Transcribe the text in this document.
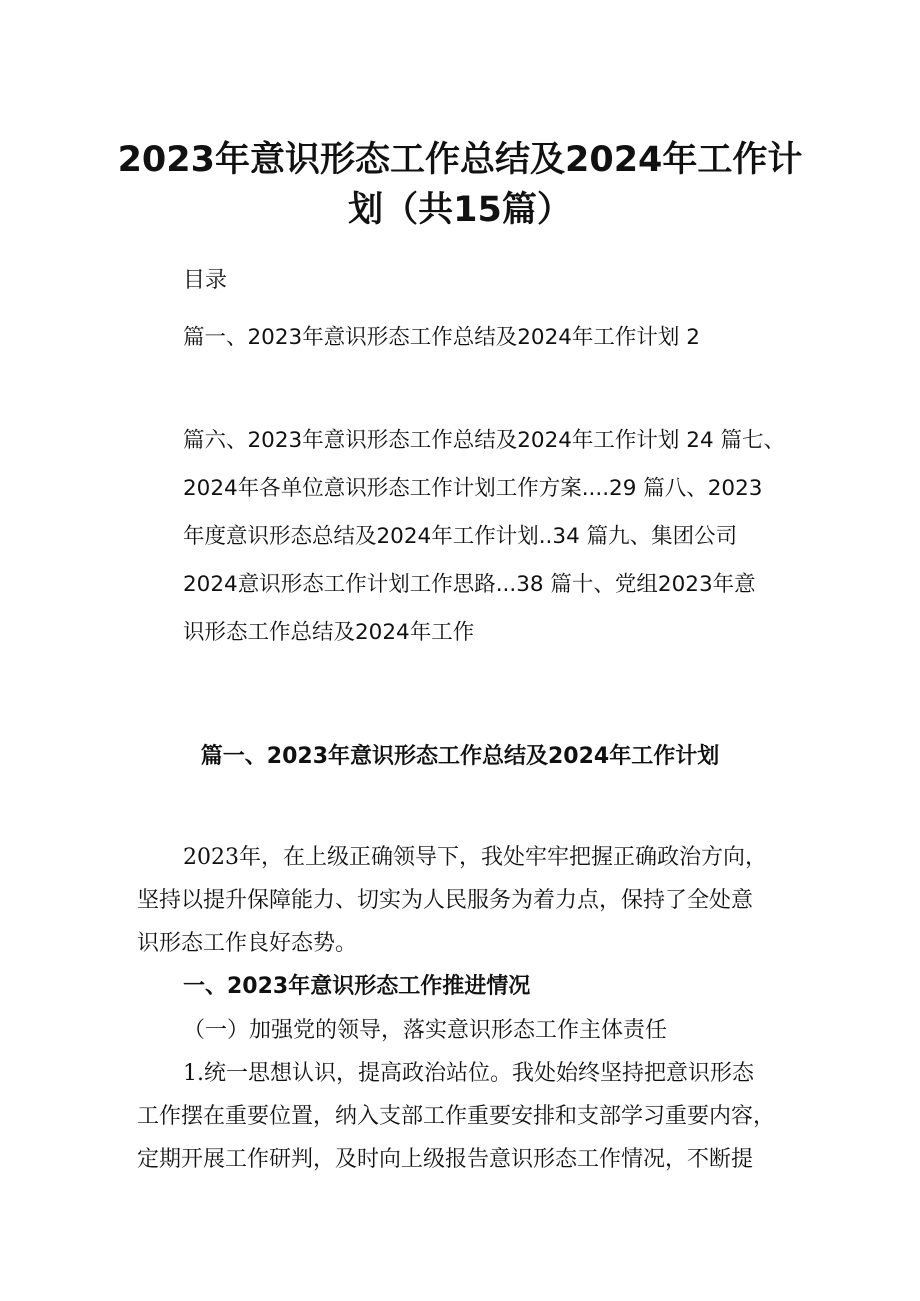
2023年意识形态工作总结及2024年工作计
划（共15篇）
目录
篇一、2023年意识形态工作总结及2024年工作计划 2
篇六、2023年意识形态工作总结及2024年工作计划 24 篇七、
2024年各单位意识形态工作计划工作方案....29 篇八、2023
年度意识形态总结及2024年工作计划..34 篇九、集团公司
2024意识形态工作计划工作思路...38 篇十、党组2023年意
识形态工作总结及2024年工作
篇一、2023年意识形态工作总结及2024年工作计划
2023年，在上级正确领导下，我处牢牢把握正确政治方向，
坚持以提升保障能力、切实为人民服务为着力点，保持了全处意
识形态工作良好态势。
一、2023年意识形态工作推进情况
（一）加强党的领导，落实意识形态工作主体责任
1.统一思想认识，提高政治站位。我处始终坚持把意识形态
工作摆在重要位置，纳入支部工作重要安排和支部学习重要内容，
定期开展工作研判，及时向上级报告意识形态工作情况，不断提
